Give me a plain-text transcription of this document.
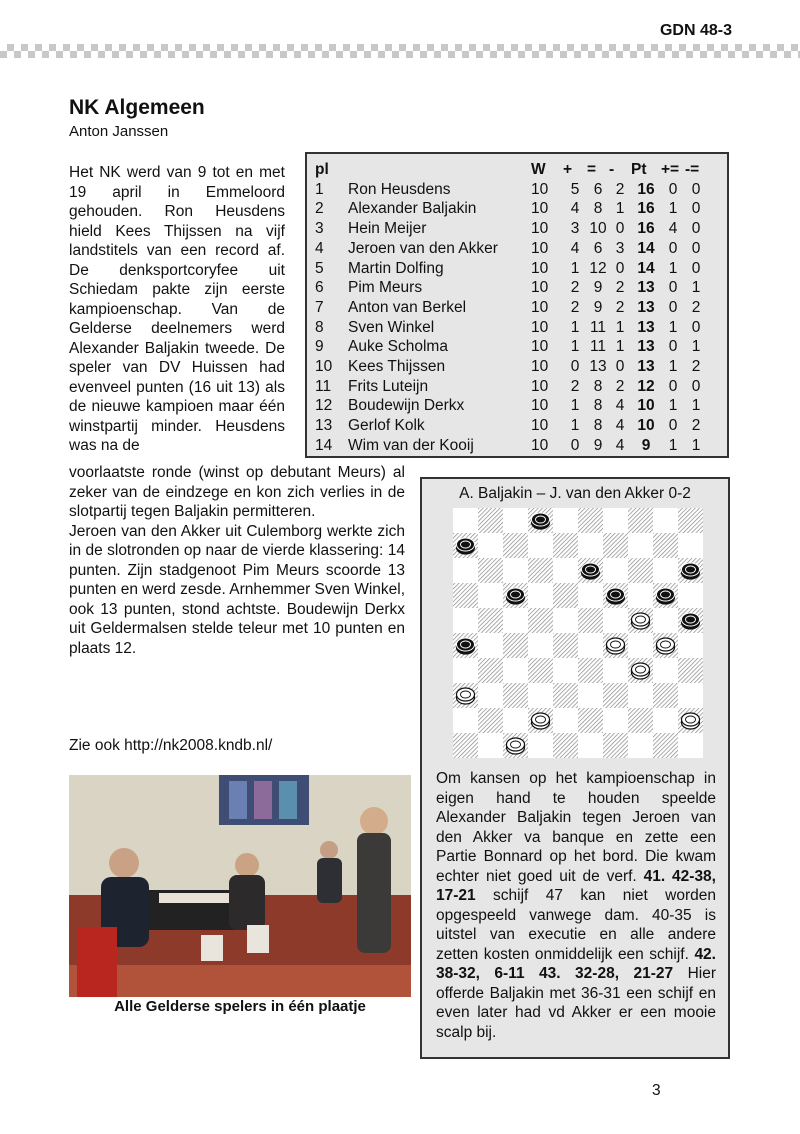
GDN 48-3
NK Algemeen
Anton Janssen

Het NK werd van 9 tot en met 19 april in Emmeloord gehouden. Ron Heusdens hield Kees Thijssen na vijf landstitels van een record af. De denksportcoryfee uit Schiedam pakte zijn eerste kampioenschap. Van de Gelderse deelnemers werd Alexander Baljakin tweede. De speler van DV Huissen had evenveel punten (16 uit 13) als de nieuwe kampioen maar één winstpartij minder. Heusdens was na de

voorlaatste ronde (winst op debutant Meurs) al zeker van de eindzege en kon zich verlies in de slotpartij tegen Baljakin permitteren.

Jeroen van den Akker uit Culemborg werkte zich in de slotronden op naar de vierde klassering: 14 punten. Zijn stadgenoot Pim Meurs scoorde 13 punten en werd zesde. Arnhemmer Sven Winkel, ook 13 punten, stond achtste. Boudewijn Derkx uit Geldermalsen stelde teleur met 10 punten en plaats 12.

Zie ook http://nk2008.kndb.nl/
pl		W	+	=	-	Pt	+=	-=
1	Ron Heusdens	10	5	6	2	16	0	0
2	Alexander Baljakin	10	4	8	1	16	1	0
3	Hein Meijer	10	3	10	0	16	4	0
4	Jeroen van den Akker	10	4	6	3	14	0	0
5	Martin Dolfing	10	1	12	0	14	1	0
6	Pim Meurs	10	2	9	2	13	0	1
7	Anton van Berkel	10	2	9	2	13	0	2
8	Sven Winkel	10	1	11	1	13	1	0
9	Auke Scholma	10	1	11	1	13	0	1
10	Kees Thijssen	10	0	13	0	13	1	2
11	Frits Luteijn	10	2	8	2	12	0	0
12	Boudewijn Derkx	10	1	8	4	10	1	1
13	Gerlof Kolk	10	1	8	4	10	0	2
14	Wim van der Kooij	10	0	9	4	9	1	1
A. Baljakin – J. van den Akker 0-2
Om kansen op het kampioenschap in eigen hand te houden speelde Alexander Baljakin tegen Jeroen van den Akker va banque en zette een Partie Bonnard op het bord. Die kwam echter niet goed uit de verf. 41. 42-38, 17-21 schijf 47 kan niet worden opgespeeld vanwege dam. 40-35 is uitstel van executie en alle andere zetten kosten onmiddelijk een schijf. 42. 38-32, 6-11 43. 32-28, 21-27 Hier offerde Baljakin met 36-31 een schijf en even later had vd Akker er een mooie scalp bij.
Alle Gelderse spelers in één plaatje
3
